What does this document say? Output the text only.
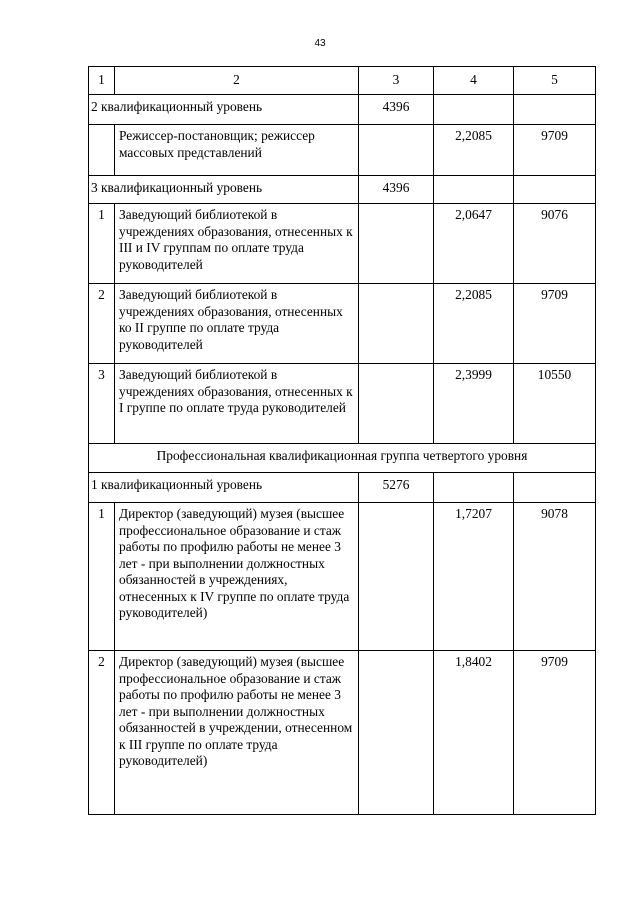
43
1	2	3	4	5
2 квалификационный уровень		4396		
	Режиссер-постановщик; режиссер массовых представлений		2,2085	9709
3 квалификационный уровень		4396		
1	Заведующий библиотекой в учреждениях образования, отнесенных к III и IV группам по оплате труда руководителей		2,0647	9076
2	Заведующий библиотекой в учреждениях образования, отнесенных ко II группе по оплате труда руководителей		2,2085	9709
3	Заведующий библиотекой в учреждениях образования, отнесенных к I группе по оплате труда руководителей		2,3999	10550
Профессиональная квалификационная группа четвертого уровня				
1 квалификационный уровень		5276		
1	Директор (заведующий) музея (высшее профессиональное образование и стаж работы по профилю работы не менее 3 лет - при выполнении должностных обязанностей в учреждениях, отнесенных к IV группе по оплате труда руководителей)		1,7207	9078
2	Директор (заведующий) музея (высшее профессиональное образование и стаж работы по профилю работы не менее 3 лет - при выполнении должностных обязанностей в учреждении, отнесенном к III группе по оплате труда руководителей)		1,8402	9709
